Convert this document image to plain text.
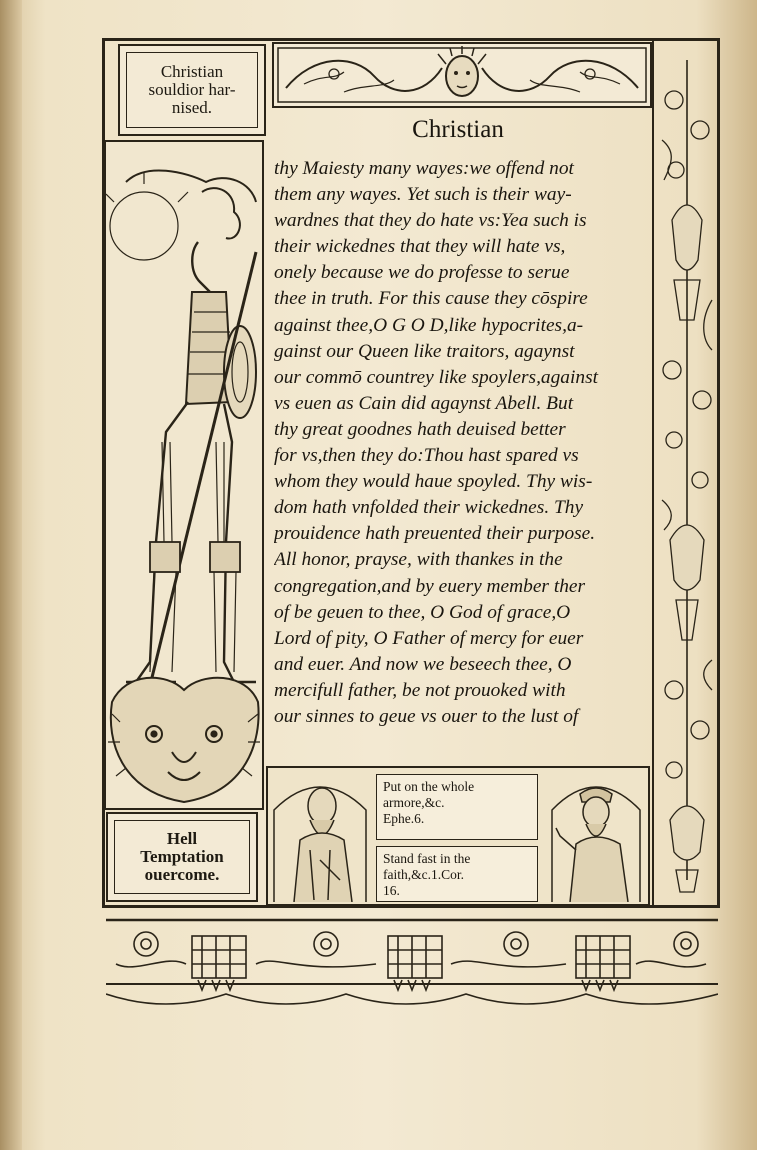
Christian
souldior har-
nised.
Hell
Temptation
ouercome.
Christian
thy Maiesty many wayes:we offend not
them any wayes. Yet such is their way-
wardnes that they do hate vs:Yea such is
their wickednes that they will hate vs,
onely because we do professe to serue
thee in truth. For this cause they cōspire
against thee,O G O D,like hypocrites,a-
gainst our Queen like traitors, agaynst
our commō countrey like spoylers,against
vs euen as Cain did agaynst Abell. But
thy great goodnes hath deuised better
for vs,then they do:Thou hast spared vs
whom they would haue spoyled. Thy wis-
dom hath vnfolded their wickednes. Thy
prouidence hath preuented their purpose.
All honor, prayse, with thankes in the
congregation,and by euery member ther
of be geuen to thee, O God of grace,O
Lord of pity, O Father of mercy for euer
and euer. And now we beseech thee, O
mercifull father, be not prouoked with
our sinnes to geue vs ouer to the lust of
Put on the whole
armore,&c.
Ephe.6.
Stand fast in the
faith,&c.1.Cor.
16.
